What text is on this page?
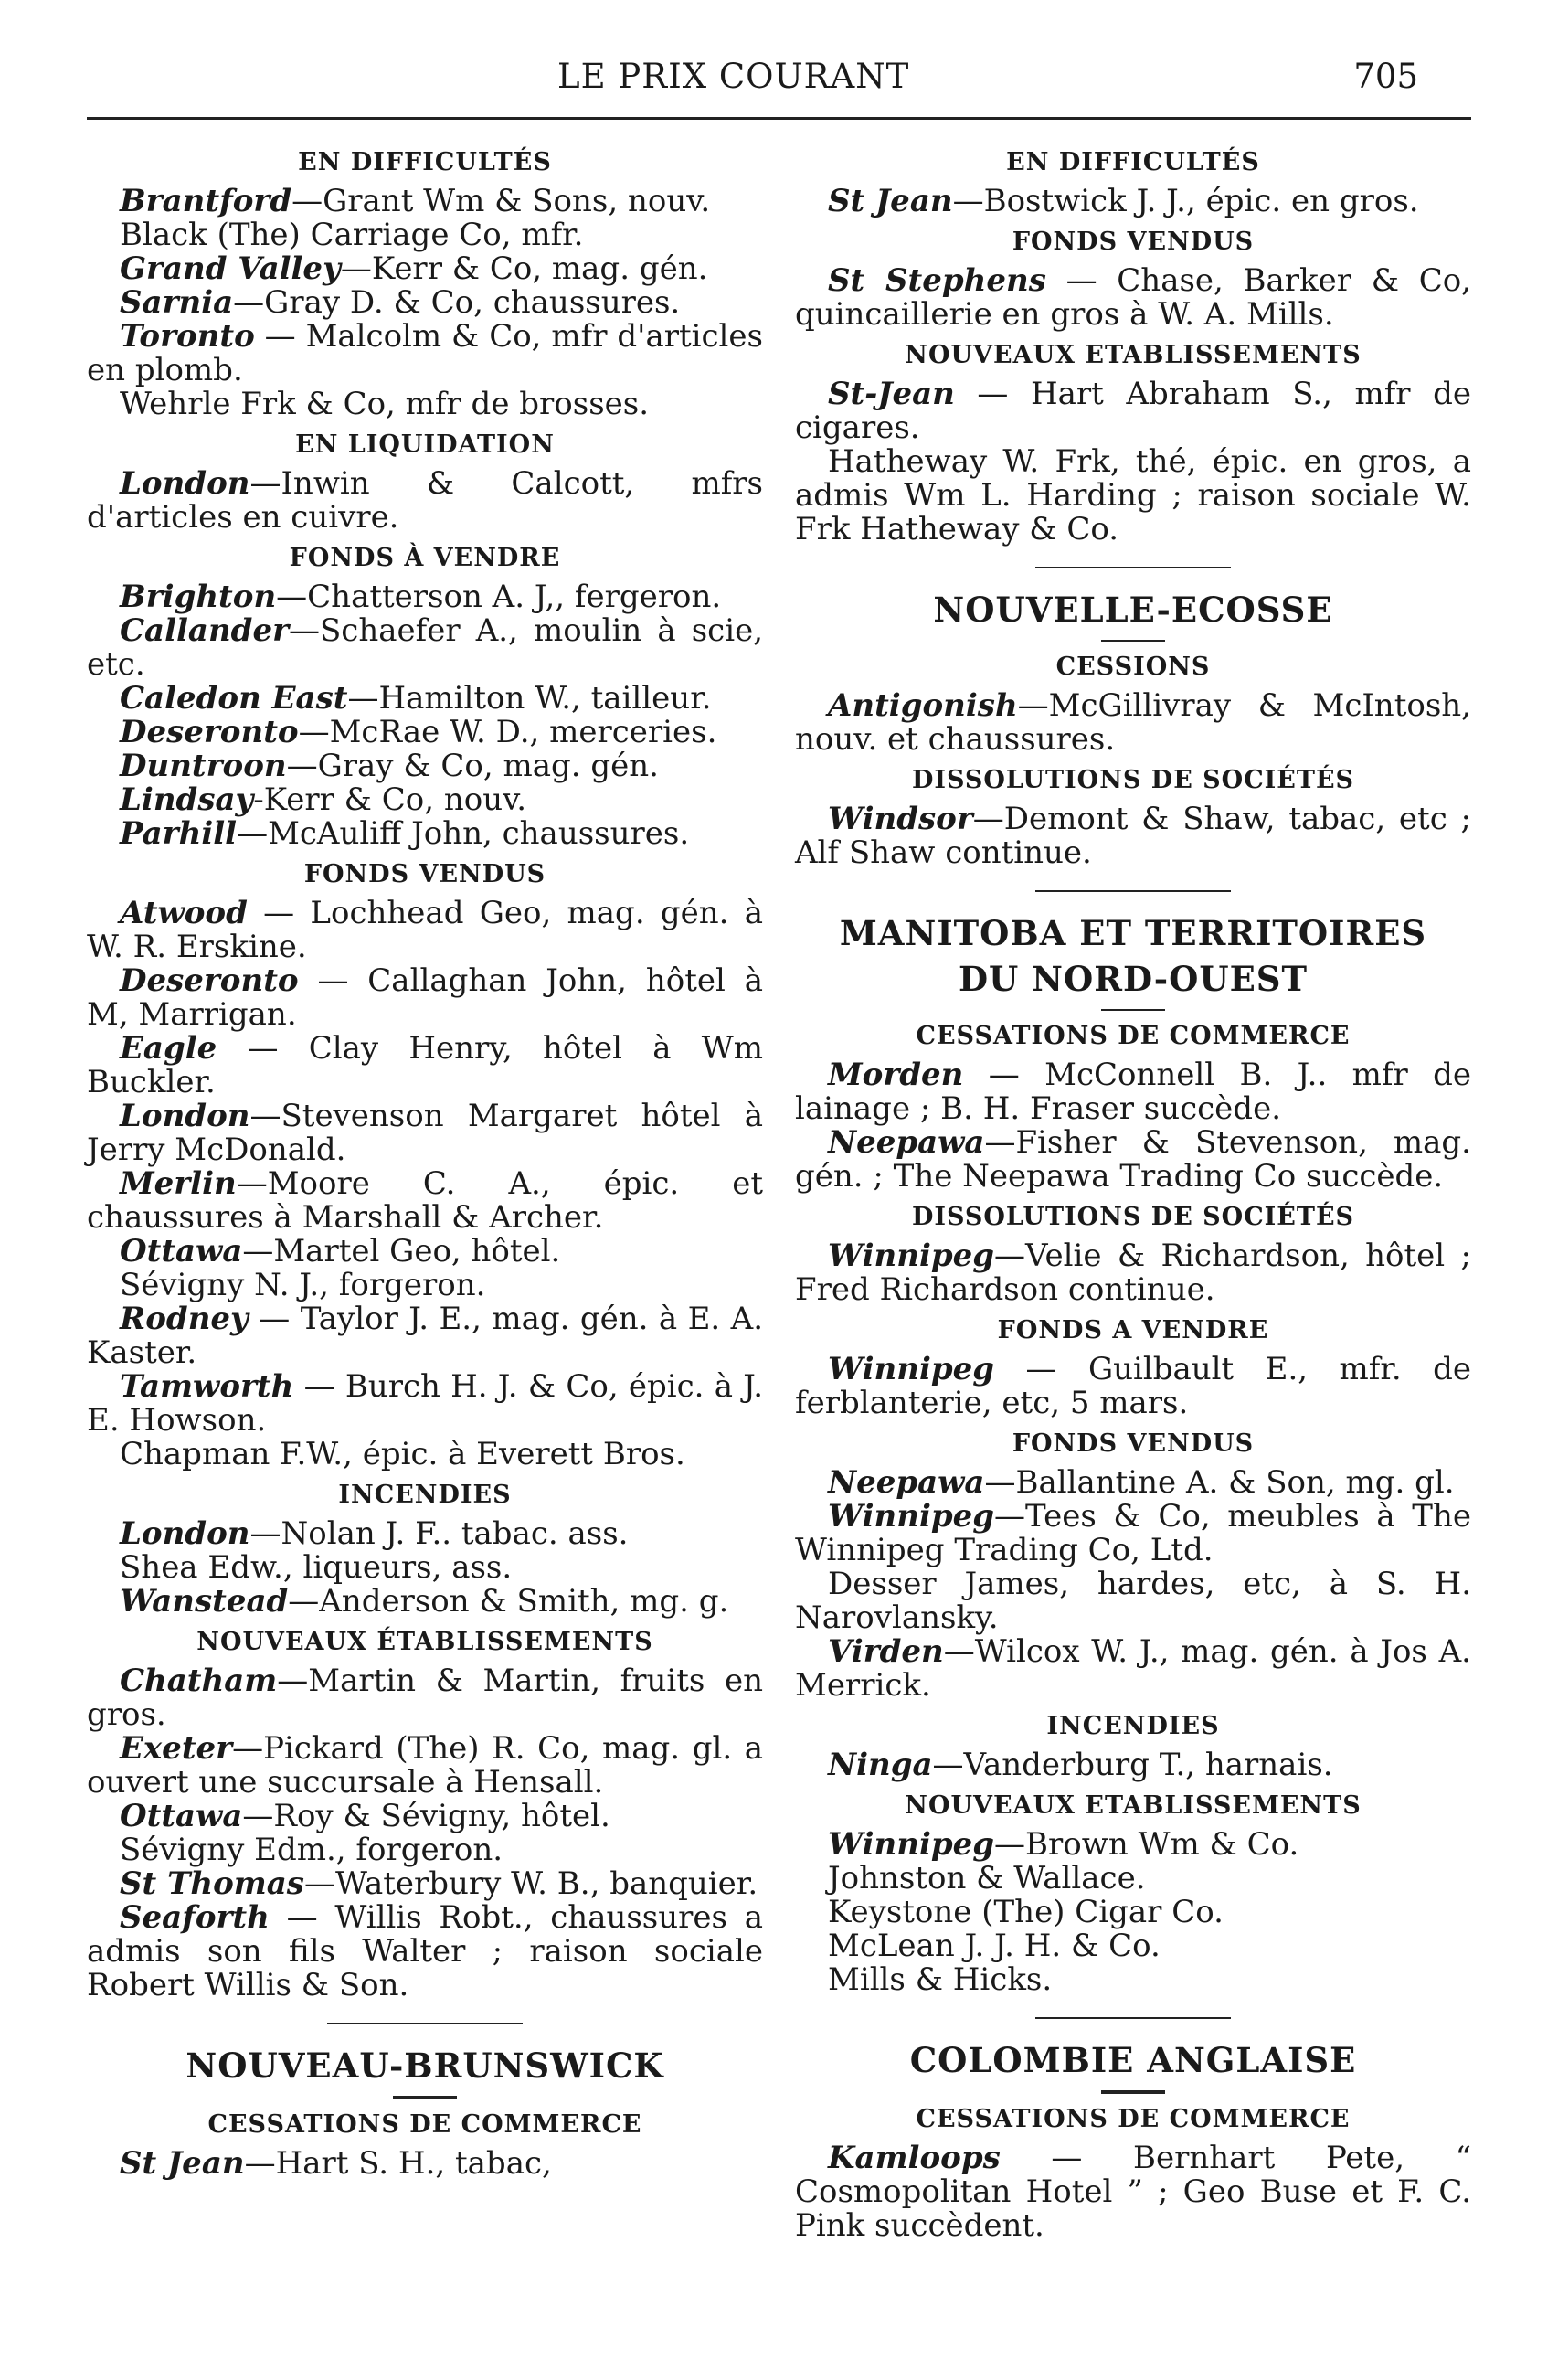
LE PRIX COURANT	705
EN DIFFICULTÉS

Brantford—Grant Wm & Sons, nouv.

Black (The) Carriage Co, mfr.

Grand Valley—Kerr & Co, mag. gén.

Sarnia—Gray D. & Co, chaussures.

Toronto — Malcolm & Co, mfr d'articles en plomb.

Wehrle Frk & Co, mfr de brosses.

EN LIQUIDATION

London—Inwin & Calcott, mfrs d'articles en cuivre.

FONDS À VENDRE

Brighton—Chatterson A. J,, fergeron.

Callander—Schaefer A., moulin à scie, etc.

Caledon East—Hamilton W., tailleur.

Deseronto—McRae W. D., merceries.

Duntroon—Gray & Co, mag. gén.

Lindsay-Kerr & Co, nouv.

Parhill—McAuliff John, chaussures.

FONDS VENDUS

Atwood — Lochhead Geo, mag. gén. à W. R. Erskine.

Deseronto — Callaghan John, hôtel à M, Marrigan.

Eagle — Clay Henry, hôtel à Wm Buckler.

London—Stevenson Margaret hôtel à Jerry McDonald.

Merlin—Moore C. A., épic. et chaussures à Marshall & Archer.

Ottawa—Martel Geo, hôtel.

Sévigny N. J., forgeron.

Rodney — Taylor J. E., mag. gén. à E. A. Kaster.

Tamworth — Burch H. J. & Co, épic. à J. E. Howson.

Chapman F.W., épic. à Everett Bros.

INCENDIES

London—Nolan J. F.. tabac. ass.

Shea Edw., liqueurs, ass.

Wanstead—Anderson & Smith, mg. g.

NOUVEAUX ÉTABLISSEMENTS

Chatham—Martin & Martin, fruits en gros.

Exeter—Pickard (The) R. Co, mag. gl. a ouvert une succursale à Hensall.

Ottawa—Roy & Sévigny, hôtel.

Sévigny Edm., forgeron.

St Thomas—Waterbury W. B., banquier.

Seaforth — Willis Robt., chaussures a admis son fils Walter ; raison sociale Robert Willis & Son.

NOUVEAU-BRUNSWICK
CESSATIONS DE COMMERCE

St Jean—Hart S. H., tabac,

EN DIFFICULTÉS

St Jean—Bostwick J. J., épic. en gros.

FONDS VENDUS

St Stephens — Chase, Barker & Co, quincaillerie en gros à W. A. Mills.

NOUVEAUX ETABLISSEMENTS

St-Jean — Hart Abraham S., mfr de cigares.

Hatheway W. Frk, thé, épic. en gros, a admis Wm L. Harding ; raison sociale W. Frk Hatheway & Co.

NOUVELLE-ECOSSE
CESSIONS

Antigonish—McGillivray & McIntosh, nouv. et chaussures.

DISSOLUTIONS DE SOCIÉTÉS

Windsor—Demont & Shaw, tabac, etc ; Alf Shaw continue.

MANITOBA ET TERRITOIRES
DU NORD-OUEST
CESSATIONS DE COMMERCE

Morden — McConnell B. J.. mfr de lainage ; B. H. Fraser succède.

Neepawa—Fisher & Stevenson, mag. gén. ; The Neepawa Trading Co succède.

DISSOLUTIONS DE SOCIÉTÉS

Winnipeg—Velie & Richardson, hôtel ; Fred Richardson continue.

FONDS A VENDRE

Winnipeg — Guilbault E., mfr. de ferblanterie, etc, 5 mars.

FONDS VENDUS

Neepawa—Ballantine A. & Son, mg. gl.

Winnipeg—Tees & Co, meubles à The Winnipeg Trading Co, Ltd.

Desser James, hardes, etc, à S. H. Narovlansky.

Virden—Wilcox W. J., mag. gén. à Jos A. Merrick.

INCENDIES

Ninga—Vanderburg T., harnais.

NOUVEAUX ETABLISSEMENTS

Winnipeg—Brown Wm & Co.

Johnston & Wallace.

Keystone (The) Cigar Co.

McLean J. J. H. & Co.

Mills & Hicks.

COLOMBIE ANGLAISE
CESSATIONS DE COMMERCE

Kamloops — Bernhart Pete, “ Cosmopolitan Hotel ” ; Geo Buse et F. C. Pink succèdent.
